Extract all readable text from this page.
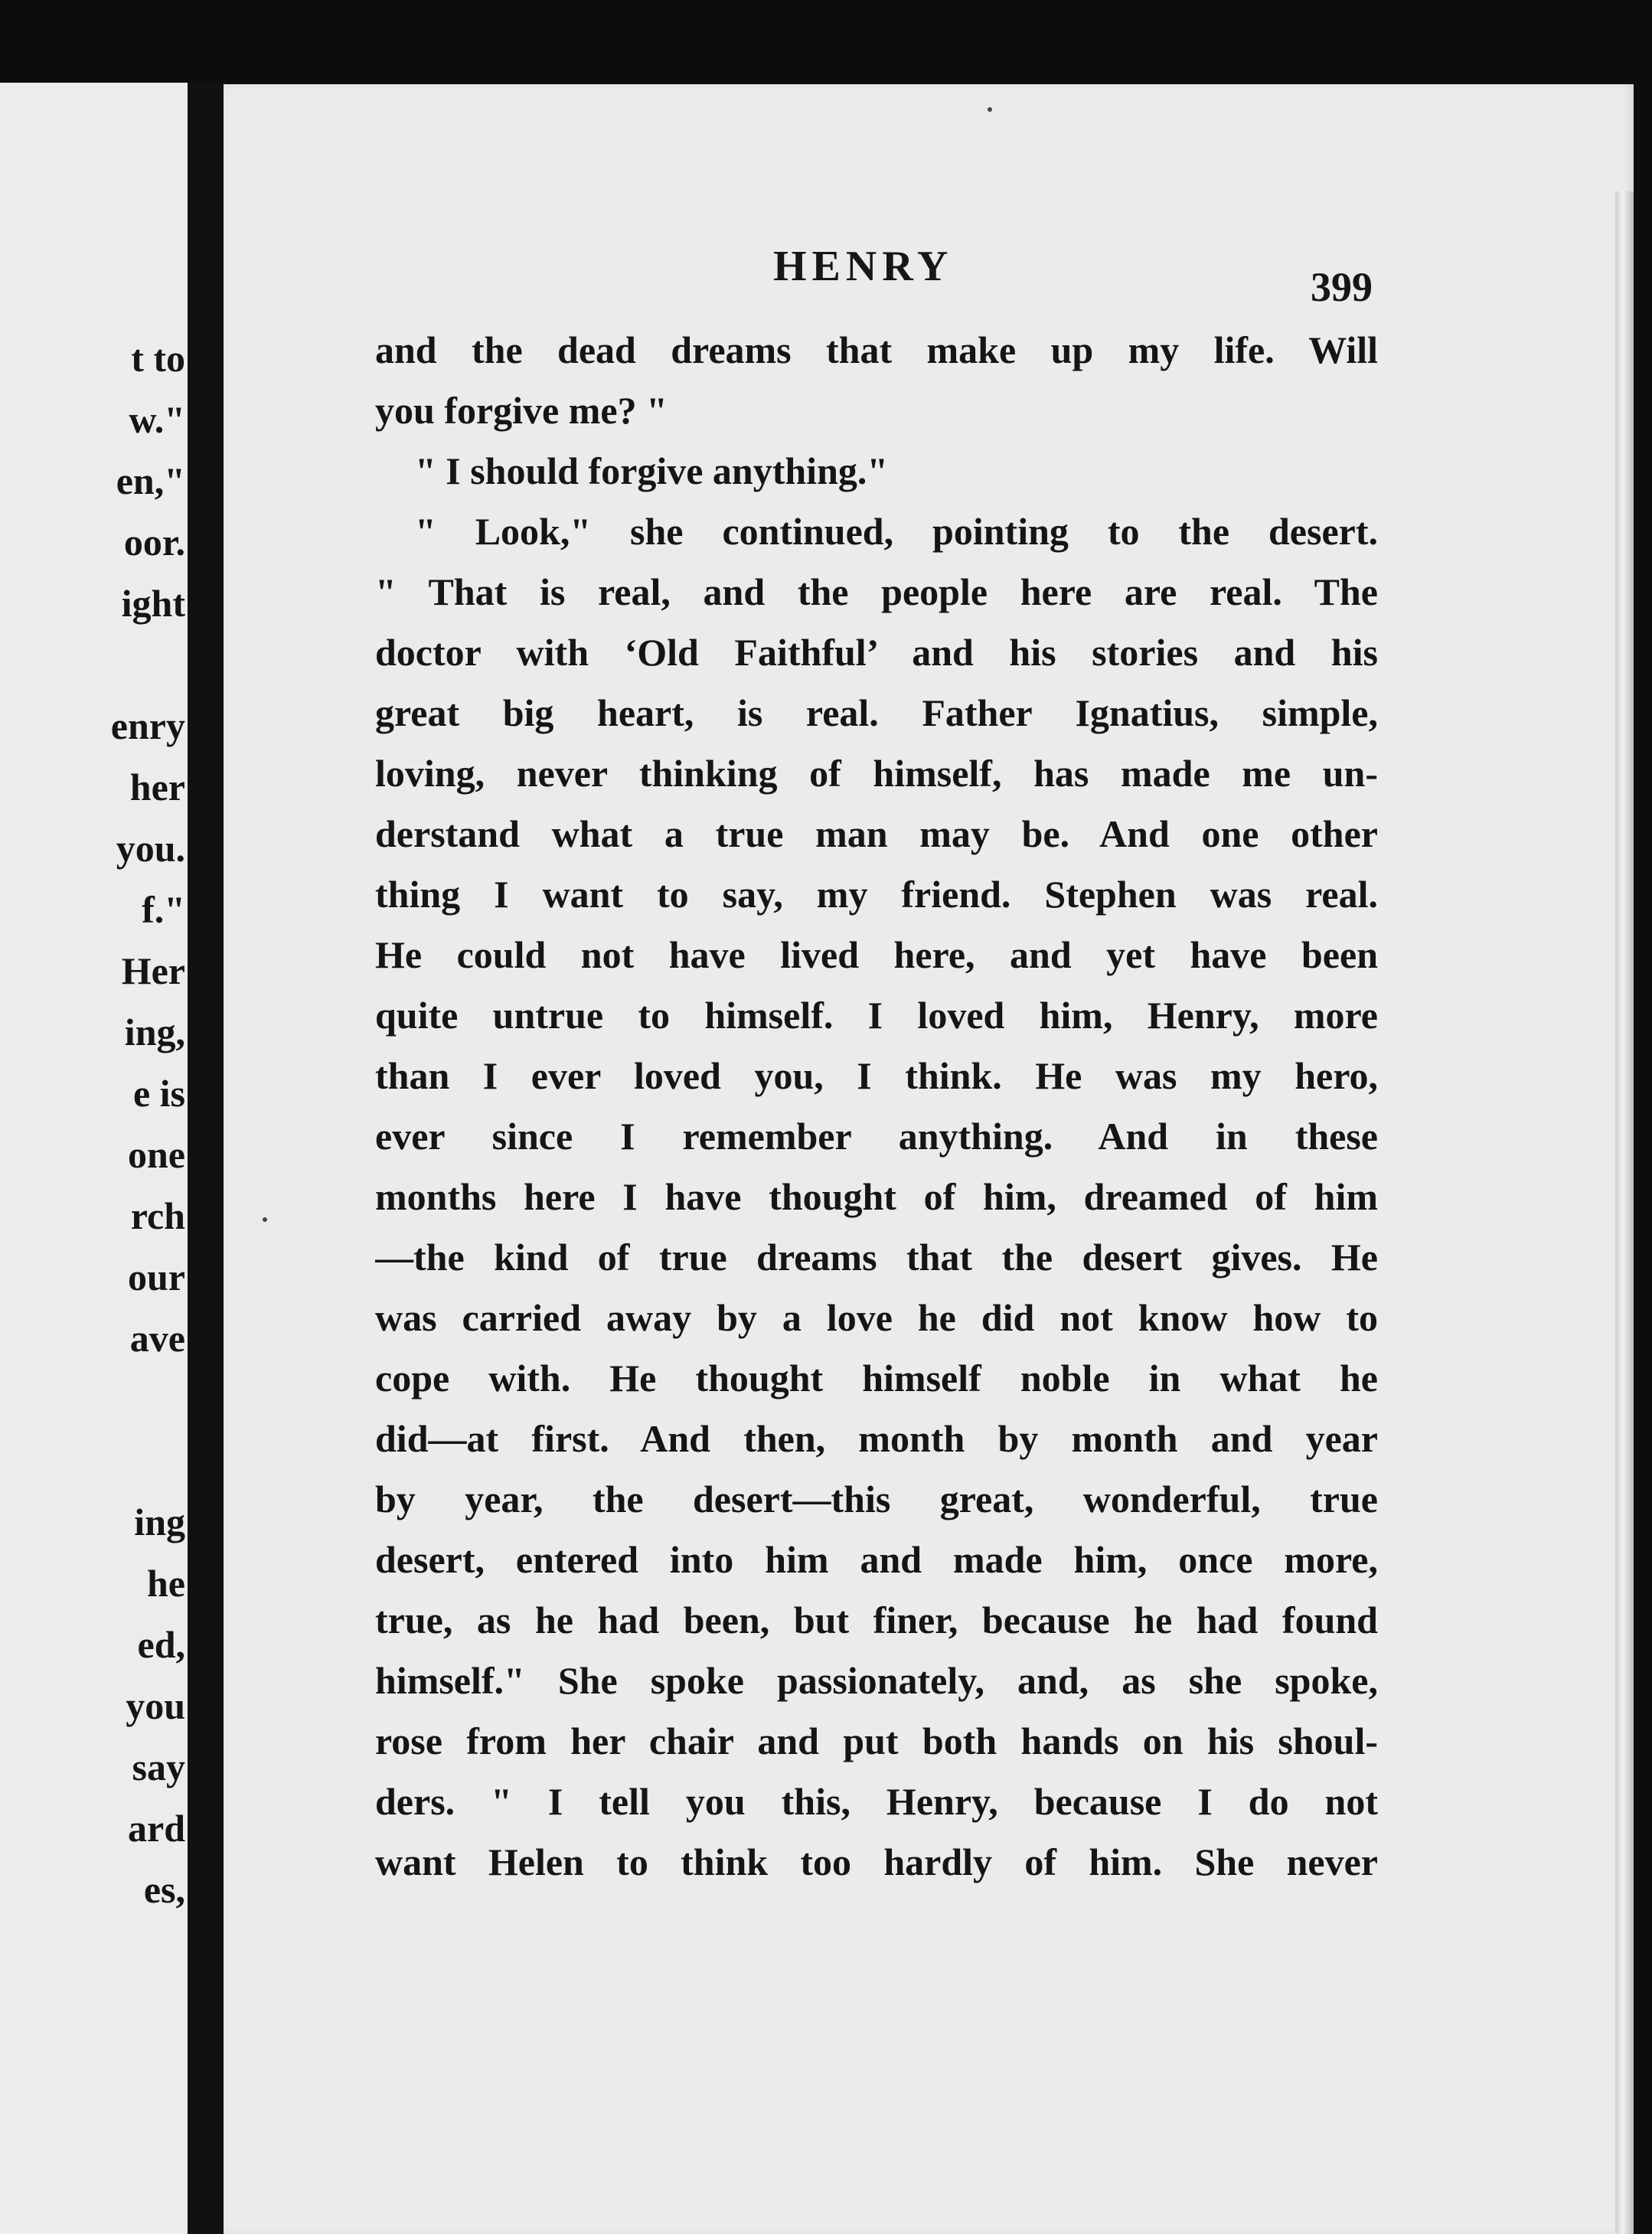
t to
w."
en,"
oor.
ight
enry
her
you.
f."
Her
ing,
e is
one
rch
our
ave
ing
he
ed,
you
say
ard
es,
HENRY	399
and the dead dreams that make up my life. Will
you forgive me? "
" I should forgive anything."
" Look," she continued, pointing to the desert.
" That is real, and the people here are real. The
doctor with ‘Old Faithful’ and his stories and his
great big heart, is real. Father Ignatius, simple,
loving, never thinking of himself, has made me un-
derstand what a true man may be. And one other
thing I want to say, my friend. Stephen was real.
He could not have lived here, and yet have been
quite untrue to himself. I loved him, Henry, more
than I ever loved you, I think. He was my hero,
ever since I remember anything. And in these
months here I have thought of him, dreamed of him
—the kind of true dreams that the desert gives. He
was carried away by a love he did not know how to
cope with. He thought himself noble in what he
did—at first. And then, month by month and year
by year, the desert—this great, wonderful, true
desert, entered into him and made him, once more,
true, as he had been, but finer, because he had found
himself." She spoke passionately, and, as she spoke,
rose from her chair and put both hands on his shoul-
ders. " I tell you this, Henry, because I do not
want Helen to think too hardly of him. She never
